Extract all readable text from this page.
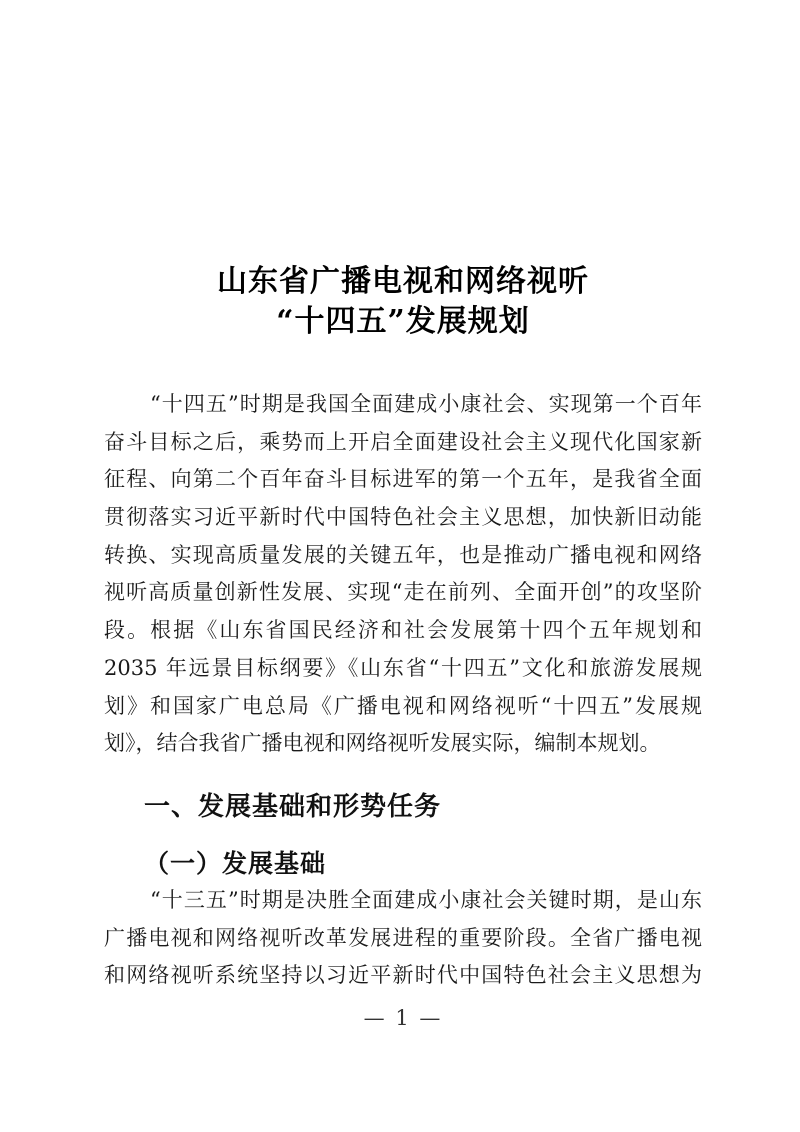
山东省广播电视和网络视听
“十四五”发展规划
“十四五”时期是我国全面建成小康社会、实现第一个百年
奋斗目标之后，乘势而上开启全面建设社会主义现代化国家新
征程、向第二个百年奋斗目标进军的第一个五年，是我省全面
贯彻落实习近平新时代中国特色社会主义思想，加快新旧动能
转换、实现高质量发展的关键五年，也是推动广播电视和网络
视听高质量创新性发展、实现“走在前列、全面开创”的攻坚阶
段。根据《山东省国民经济和社会发展第十四个五年规划和
2035 年远景目标纲要》《山东省“十四五”文化和旅游发展规
划》和国家广电总局《广播电视和网络视听“十四五”发展规
划》，结合我省广播电视和网络视听发展实际，编制本规划。
一、发展基础和形势任务
（一）发展基础
“十三五”时期是决胜全面建成小康社会关键时期，是山东
广播电视和网络视听改革发展进程的重要阶段。全省广播电视
和网络视听系统坚持以习近平新时代中国特色社会主义思想为
— 1 —
